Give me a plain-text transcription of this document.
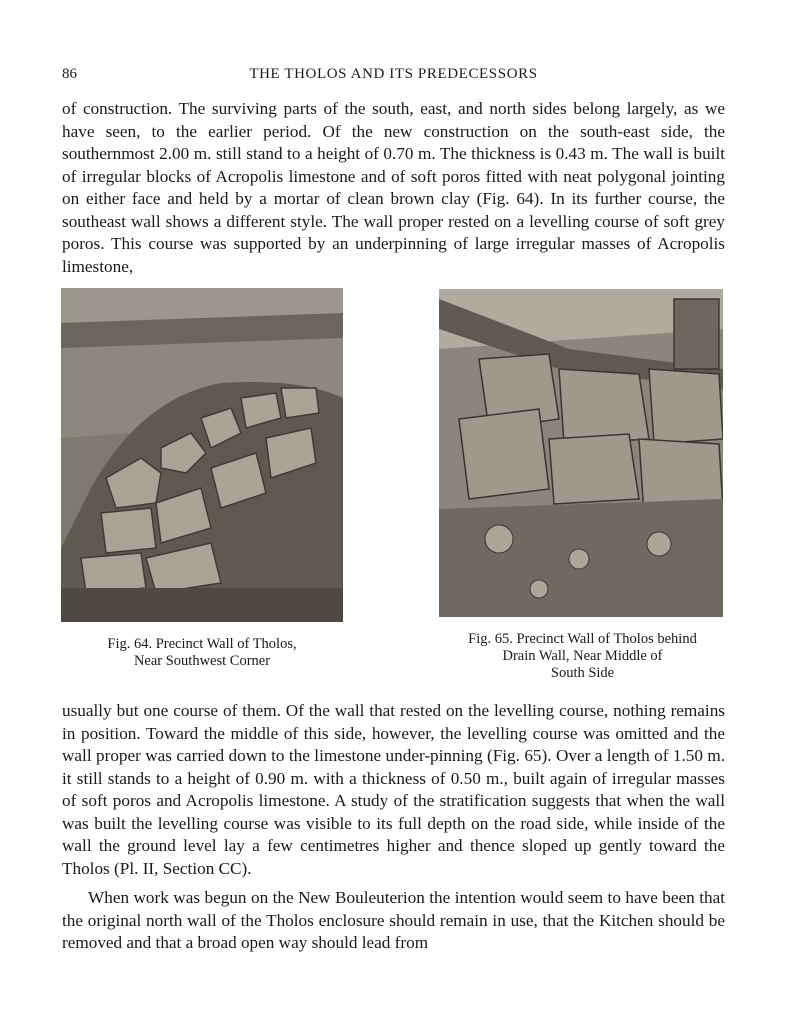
86	THE THOLOS AND ITS PREDECESSORS

of construction. The surviving parts of the south, east, and north sides belong largely, as we have seen, to the earlier period. Of the new construction on the south-east side, the southernmost 2.00 m. still stand to a height of 0.70 m. The thickness is 0.43 m. The wall is built of irregular blocks of Acropolis limestone and of soft poros fitted with neat polygonal jointing on either face and held by a mortar of clean brown clay (Fig. 64). In its further course, the southeast wall shows a different style. The wall proper rested on a levelling course of soft grey poros. This course was supported by an underpinning of large irregular masses of Acropolis limestone,

Fig. 64. Precinct Wall of Tholos,
Near Southwest Corner

Fig. 65. Precinct Wall of Tholos behind
Drain Wall, Near Middle of
South Side

usually but one course of them. Of the wall that rested on the levelling course, nothing remains in position. Toward the middle of this side, however, the levelling course was omitted and the wall proper was carried down to the limestone under-pinning (Fig. 65). Over a length of 1.50 m. it still stands to a height of 0.90 m. with a thickness of 0.50 m., built again of irregular masses of soft poros and Acropolis limestone. A study of the stratification suggests that when the wall was built the levelling course was visible to its full depth on the road side, while inside of the wall the ground level lay a few centimetres higher and thence sloped up gently toward the Tholos (Pl. II, Section CC).

When work was begun on the New Bouleuterion the intention would seem to have been that the original north wall of the Tholos enclosure should remain in use, that the Kitchen should be removed and that a broad open way should lead from
